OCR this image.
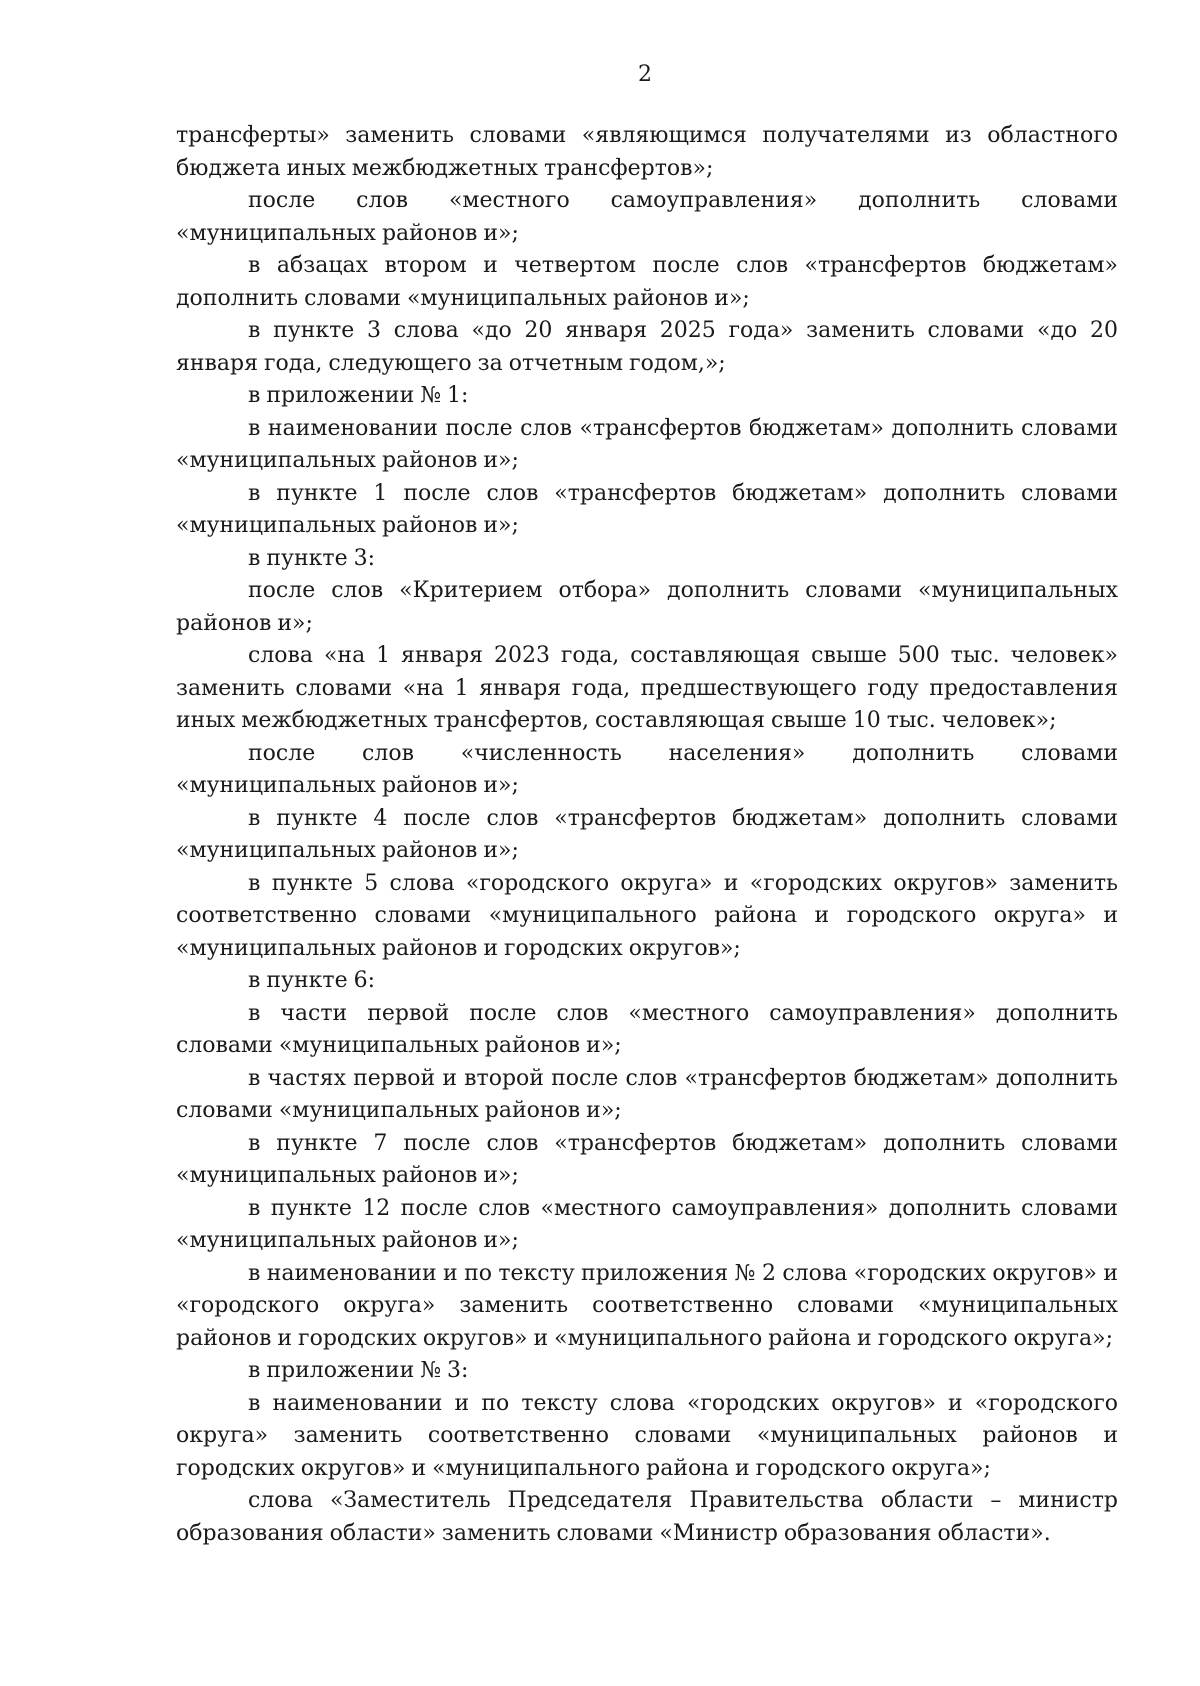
2

трансферты» заменить словами «являющимся получателями из областного бюджета иных межбюджетных трансфертов»;

после слов «местного самоуправления» дополнить словами «муниципальных районов и»;

в абзацах втором и четвертом после слов «трансфертов бюджетам» дополнить словами «муниципальных районов и»;

в пункте 3 слова «до 20 января 2025 года» заменить словами «до 20 января года, следующего за отчетным годом,»;

в приложении № 1:

в наименовании после слов «трансфертов бюджетам» дополнить словами «муниципальных районов и»;

в пункте 1 после слов «трансфертов бюджетам» дополнить словами «муниципальных районов и»;

в пункте 3:

после слов «Критерием отбора» дополнить словами «муниципальных районов и»;

слова «на 1 января 2023 года, составляющая свыше 500 тыс. человек» заменить словами «на 1 января года, предшествующего году предоставления иных межбюджетных трансфертов, составляющая свыше 10 тыс. человек»;

после слов «численность населения» дополнить словами «муниципальных районов и»;

в пункте 4 после слов «трансфертов бюджетам» дополнить словами «муниципальных районов и»;

в пункте 5 слова «городского округа» и «городских округов» заменить соответственно словами «муниципального района и городского округа» и «муниципальных районов и городских округов»;

в пункте 6:

в части первой после слов «местного самоуправления» дополнить словами «муниципальных районов и»;

в частях первой и второй после слов «трансфертов бюджетам» дополнить словами «муниципальных районов и»;

в пункте 7 после слов «трансфертов бюджетам» дополнить словами «муниципальных районов и»;

в пункте 12 после слов «местного самоуправления» дополнить словами «муниципальных районов и»;

в наименовании и по тексту приложения № 2 слова «городских округов» и «городского округа» заменить соответственно словами «муниципальных районов и городских округов» и «муниципального района и городского округа»;

в приложении № 3:

в наименовании и по тексту слова «городских округов» и «городского округа» заменить соответственно словами «муниципальных районов и городских округов» и «муниципального района и городского округа»;

слова «Заместитель Председателя Правительства области – министр образования области» заменить словами «Министр образования области».
